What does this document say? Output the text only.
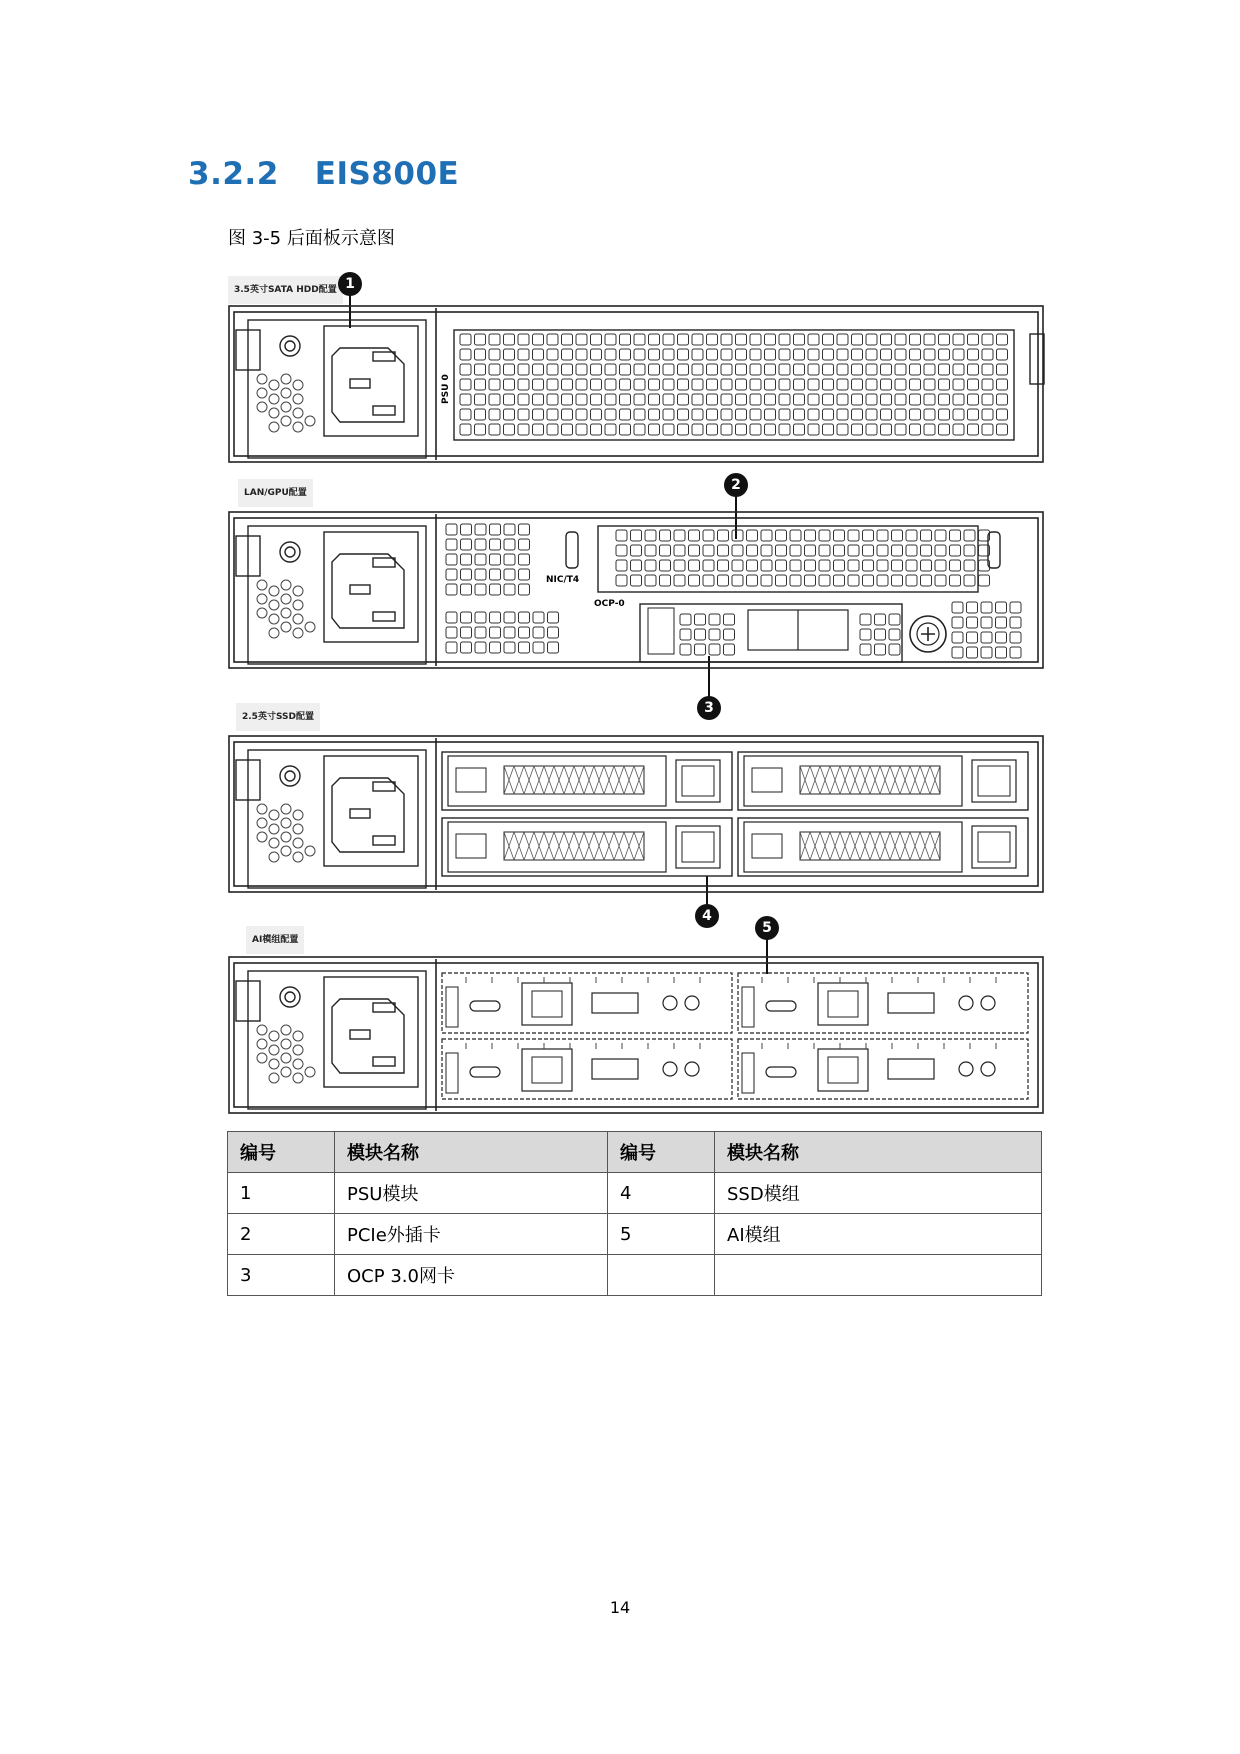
3.2.2 EIS800E
图 3-5 后面板示意图
3.5英寸SATA HDD配置
LAN/GPU配置
2.5英寸SSD配置
AI模组配置
1
2
3
4
5
PSU 0
NIC/T4
OCP-0
编号	模块名称	编号	模块名称
1	PSU模块	4	SSD模组
2	PCIe外插卡	5	AI模组
3	OCP 3.0网卡		
14
